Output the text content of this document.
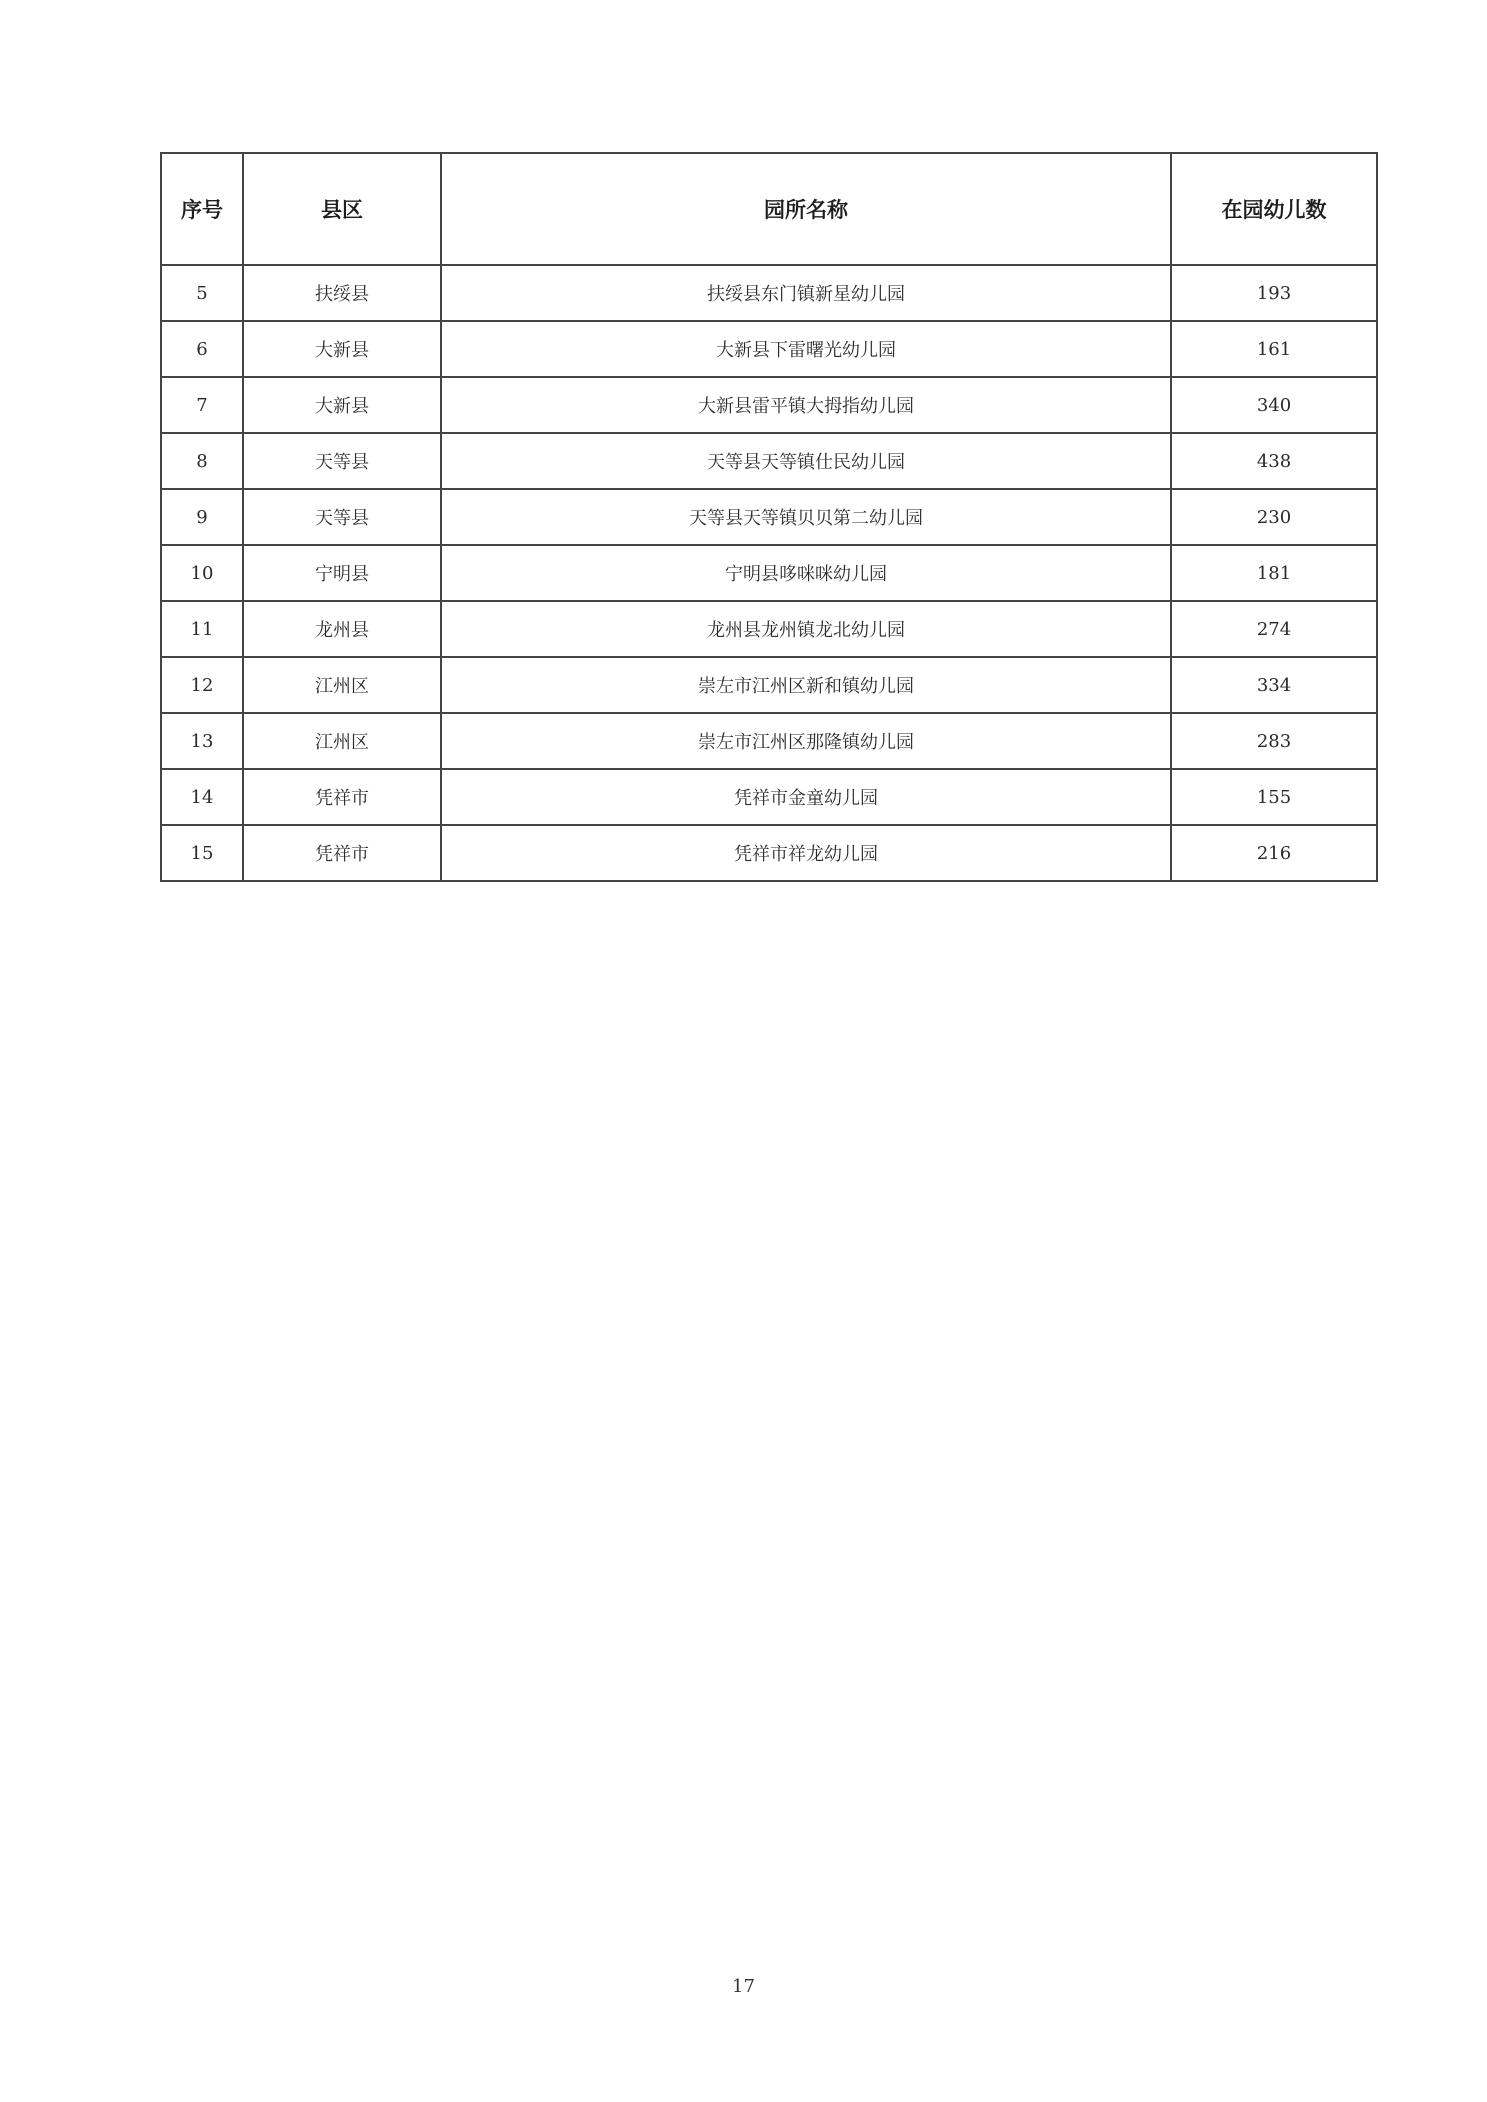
序号	县区	园所名称	在园幼儿数
5	扶绥县	扶绥县东门镇新星幼儿园	193
6	大新县	大新县下雷曙光幼儿园	161
7	大新县	大新县雷平镇大拇指幼儿园	340
8	天等县	天等县天等镇仕民幼儿园	438
9	天等县	天等县天等镇贝贝第二幼儿园	230
10	宁明县	宁明县哆咪咪幼儿园	181
11	龙州县	龙州县龙州镇龙北幼儿园	274
12	江州区	崇左市江州区新和镇幼儿园	334
13	江州区	崇左市江州区那隆镇幼儿园	283
14	凭祥市	凭祥市金童幼儿园	155
15	凭祥市	凭祥市祥龙幼儿园	216
17
